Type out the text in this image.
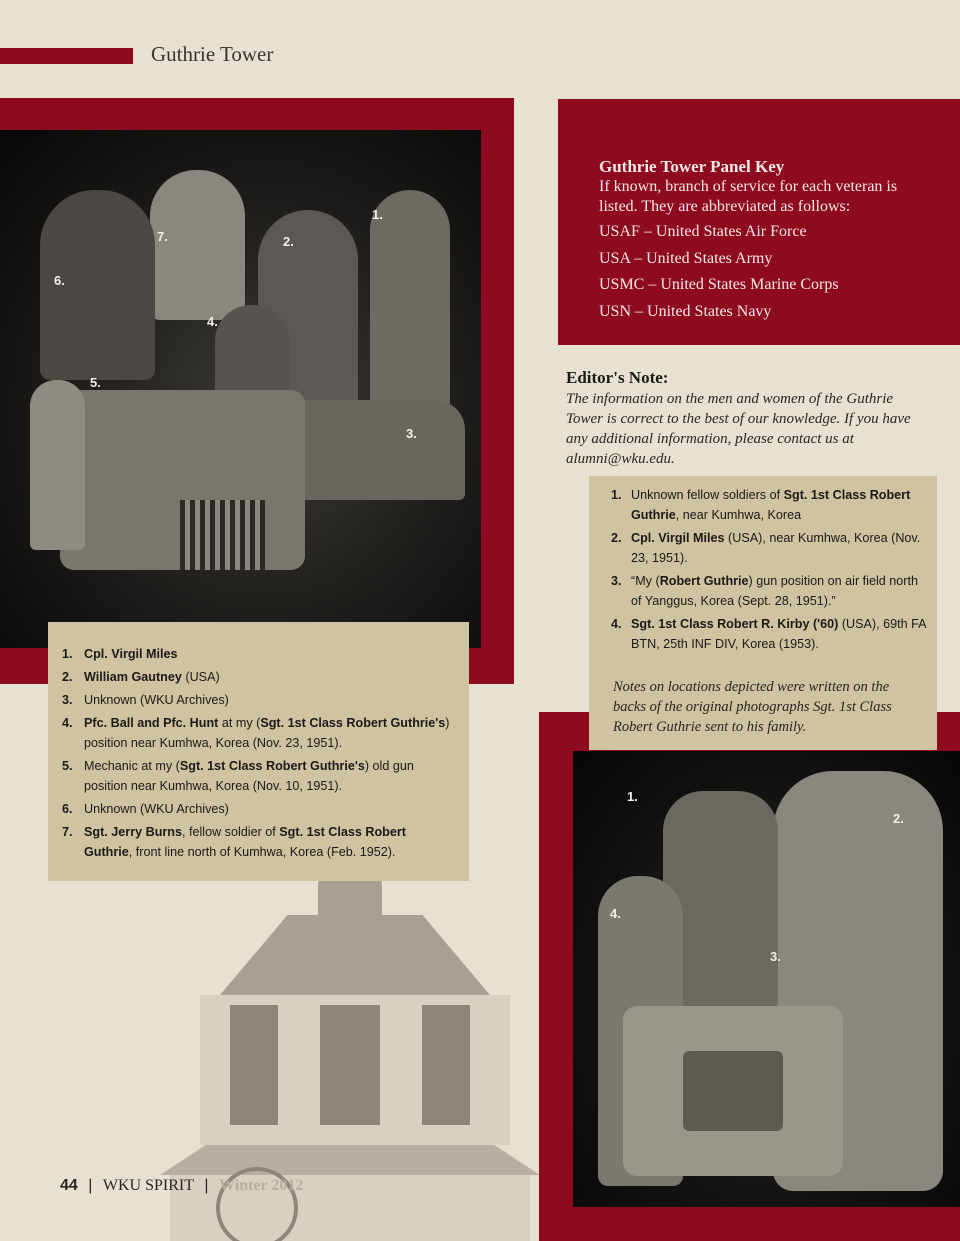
Guthrie Tower
1.
2.
3.
4.
5.
6.
7.
1. Cpl. Virgil Miles
2. William Gautney (USA)
3. Unknown (WKU Archives)
4. Pfc. Ball and Pfc. Hunt at my (Sgt. 1st Class Robert Guthrie's) position near Kumhwa, Korea (Nov. 23, 1951).
5. Mechanic at my (Sgt. 1st Class Robert Guthrie's) old gun position near Kumhwa, Korea (Nov. 10, 1951).
6. Unknown (WKU Archives)
7. Sgt. Jerry Burns, fellow soldier of Sgt. 1st Class Robert Guthrie, front line north of Kumhwa, Korea (Feb. 1952).
Guthrie Tower Panel Key
If known, branch of service for each veteran is listed. They are abbreviated as follows:
USAF – United States Air Force
USA – United States Army
USMC – United States Marine Corps
USN – United States Navy
Editor's Note:
The information on the men and women of the Guthrie Tower is correct to the best of our knowledge. If you have any additional information, please contact us at alumni@wku.edu.
1. Unknown fellow soldiers of Sgt. 1st Class Robert Guthrie, near Kumhwa, Korea
2. Cpl. Virgil Miles (USA), near Kumhwa, Korea (Nov. 23, 1951).
3. “My (Robert Guthrie) gun position on air field north of Yanggus, Korea (Sept. 28, 1951).”
4. Sgt. 1st Class Robert R. Kirby ('60) (USA), 69th FA BTN, 25th INF DIV, Korea (1953).
Notes on locations depicted were written on the backs of the original photographs Sgt. 1st Class Robert Guthrie sent to his family.
1.
2.
3.
4.
44 | WKU SPIRIT | Winter 2012
